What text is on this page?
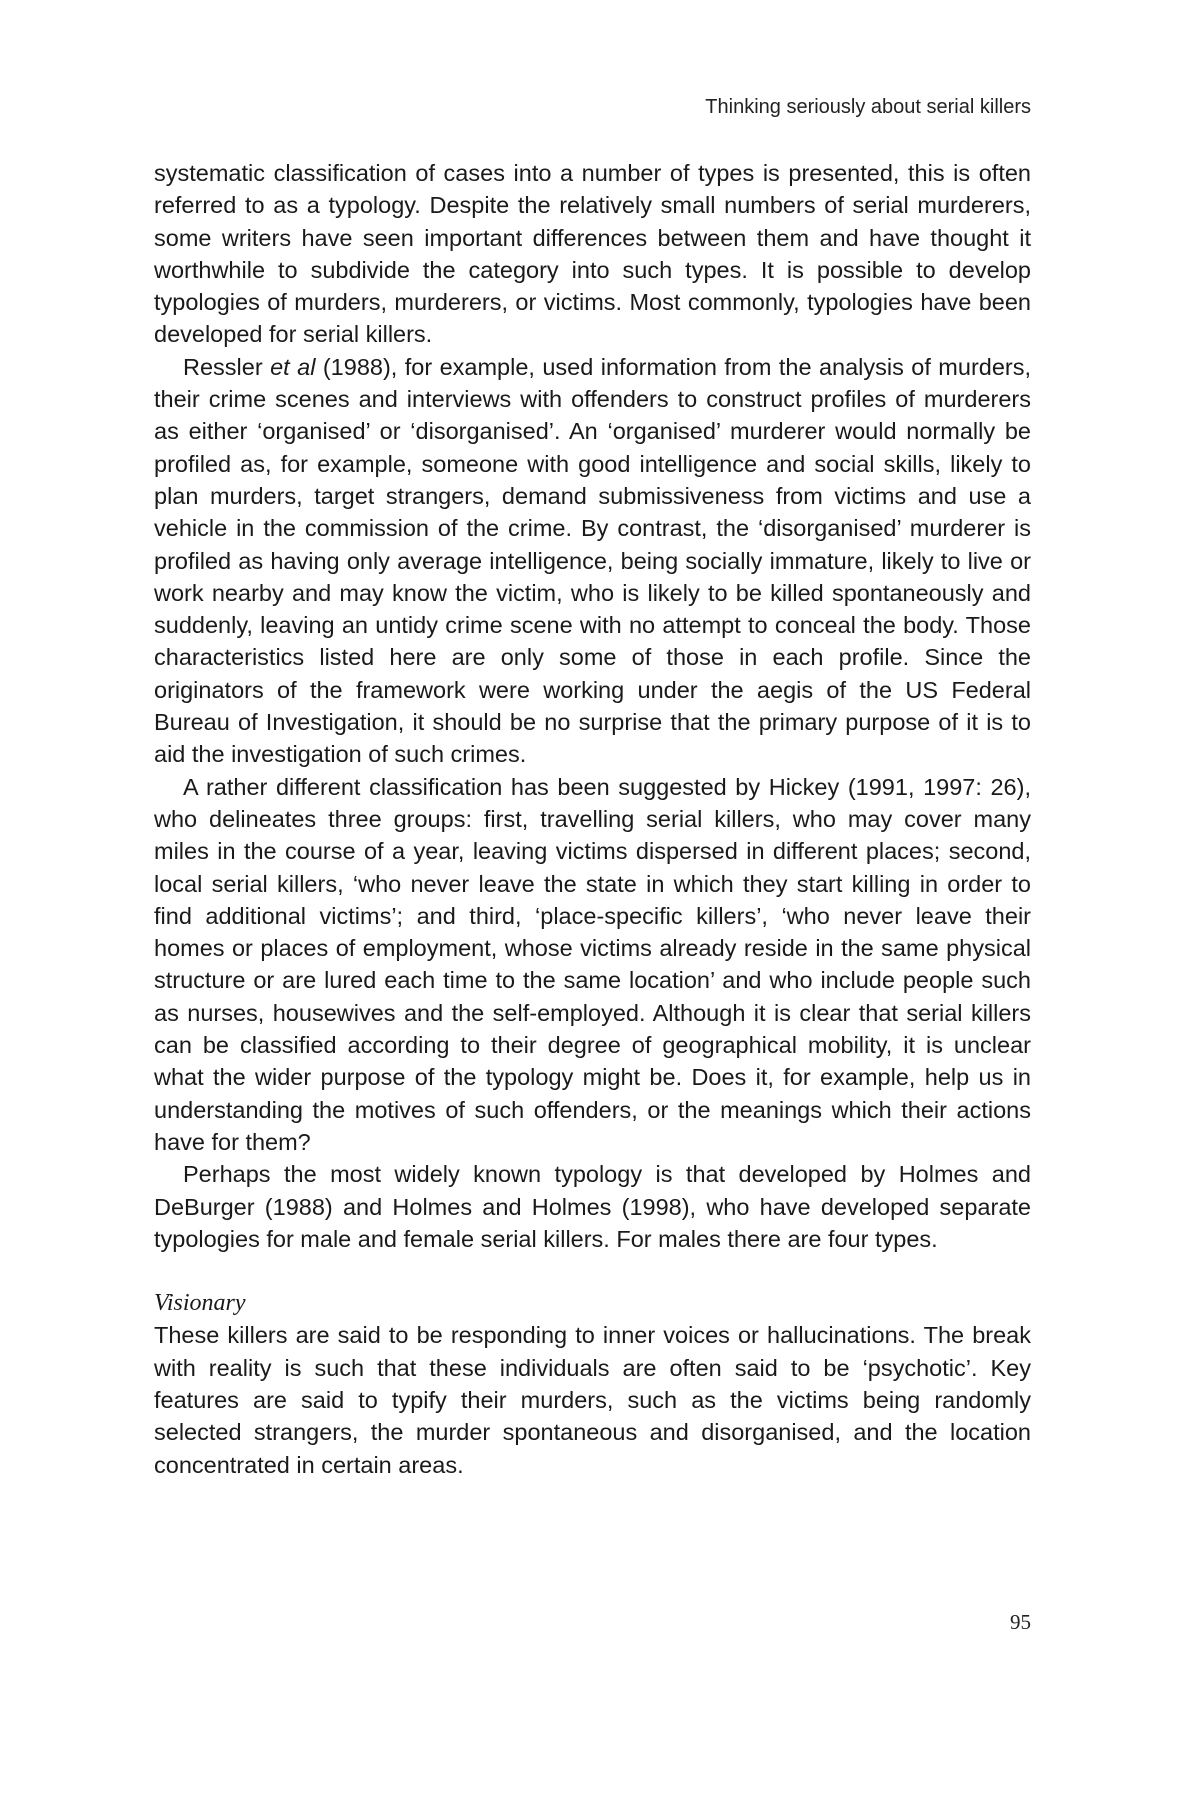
Thinking seriously about serial killers

systematic classification of cases into a number of types is presented, this is often referred to as a typology. Despite the relatively small numbers of serial murderers, some writers have seen important differences between them and have thought it worthwhile to subdivide the category into such types. It is possible to develop typologies of murders, murderers, or victims. Most commonly, typologies have been developed for serial killers.

Ressler et al (1988), for example, used information from the analysis of murders, their crime scenes and interviews with offenders to construct profiles of murderers as either ‘organised’ or ‘disorganised’. An ‘organised’ murderer would normally be profiled as, for example, someone with good intelligence and social skills, likely to plan murders, target strangers, demand submissiveness from victims and use a vehicle in the commission of the crime. By contrast, the ‘disorganised’ murderer is profiled as having only average intelligence, being socially immature, likely to live or work nearby and may know the victim, who is likely to be killed spontaneously and suddenly, leaving an untidy crime scene with no attempt to conceal the body. Those characteristics listed here are only some of those in each profile. Since the originators of the framework were working under the aegis of the US Federal Bureau of Investigation, it should be no surprise that the primary purpose of it is to aid the investigation of such crimes.

A rather different classification has been suggested by Hickey (1991, 1997: 26), who delineates three groups: first, travelling serial killers, who may cover many miles in the course of a year, leaving victims dispersed in different places; second, local serial killers, ‘who never leave the state in which they start killing in order to find additional victims’; and third, ‘place-specific killers’, ‘who never leave their homes or places of employment, whose victims already reside in the same physical structure or are lured each time to the same location’ and who include people such as nurses, housewives and the self-employed. Although it is clear that serial killers can be classified according to their degree of geographical mobility, it is unclear what the wider purpose of the typology might be. Does it, for example, help us in understanding the motives of such offenders, or the meanings which their actions have for them?

Perhaps the most widely known typology is that developed by Holmes and DeBurger (1988) and Holmes and Holmes (1998), who have developed separate typologies for male and female serial killers. For males there are four types.

Visionary

These killers are said to be responding to inner voices or hallucinations. The break with reality is such that these individuals are often said to be ‘psychotic’. Key features are said to typify their murders, such as the victims being randomly selected strangers, the murder spontaneous and disorganised, and the location concentrated in certain areas.

95
